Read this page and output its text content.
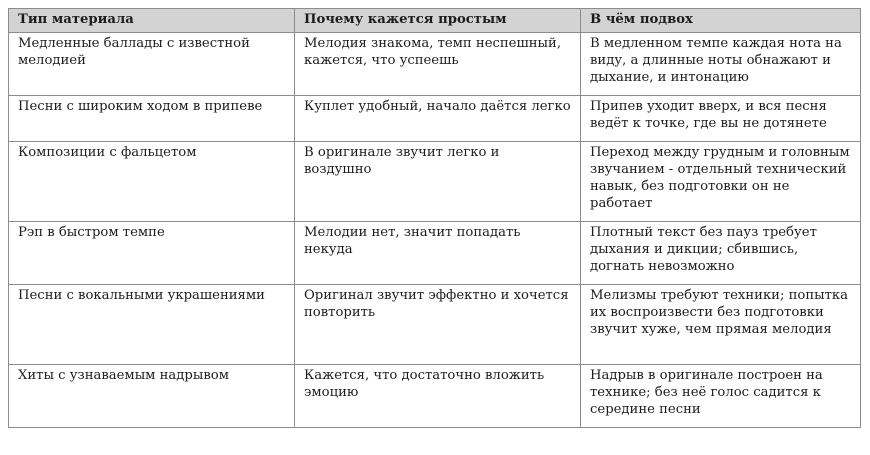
Тип материала	Почему кажется простым	В чём подвох
Медленные баллады с известной мелодией	Мелодия знакома, темп неспешный, кажется, что успеешь	В медленном темпе каждая нота на виду, а длинные ноты обнажают и дыхание, и интонацию
Песни с широким ходом в припеве	Куплет удобный, начало даётся легко	Припев уходит вверх, и вся песня ведёт к точке, где вы не дотянете
Композиции с фальцетом	В оригинале звучит легко и воздушно	Переход между грудным и головным звучанием - отдельный технический навык, без подготовки он не работает
Рэп в быстром темпе	Мелодии нет, значит попадать некуда	Плотный текст без пауз требует дыхания и дикции; сбившись, догнать невозможно
Песни с вокальными украшениями	Оригинал звучит эффектно и хочется повторить	Мелизмы требуют техники; попытка их воспроизвести без подготовки звучит хуже, чем прямая мелодия
Хиты с узнаваемым надрывом	Кажется, что достаточно вложить эмоцию	Надрыв в оригинале построен на технике; без неё голос садится к середине песни
